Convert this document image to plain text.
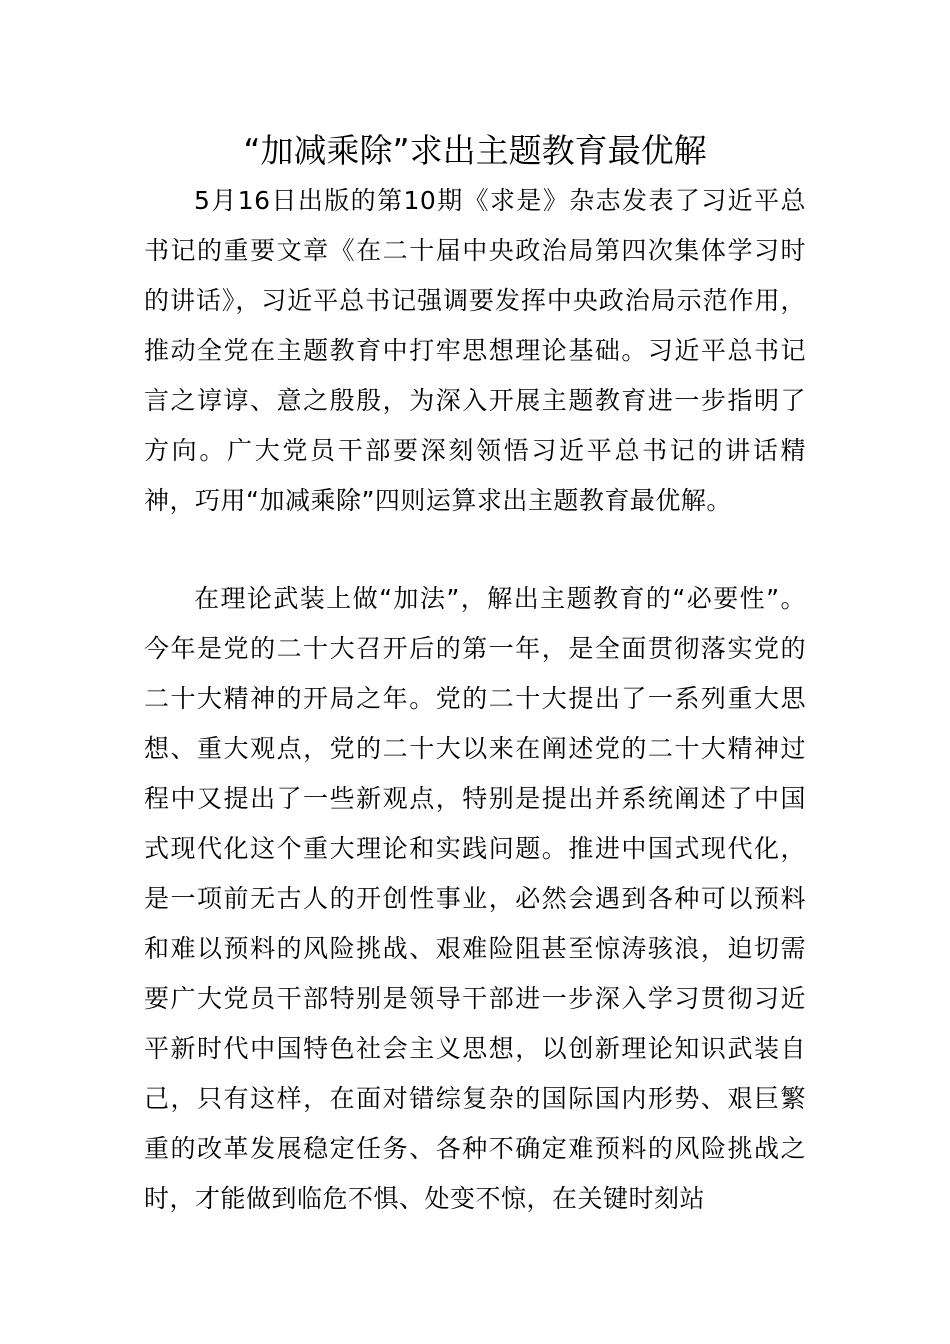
“加减乘除”求出主题教育最优解

5月16日出版的第10期《求是》杂志发表了习近平总书记的重要文章《在二十届中央政治局第四次集体学习时的讲话》，习近平总书记强调要发挥中央政治局示范作用，推动全党在主题教育中打牢思想理论基础。习近平总书记言之谆谆、意之殷殷，为深入开展主题教育进一步指明了方向。广大党员干部要深刻领悟习近平总书记的讲话精神，巧用“加减乘除”四则运算求出主题教育最优解。

在理论武装上做“加法”，解出主题教育的“必要性”。今年是党的二十大召开后的第一年，是全面贯彻落实党的二十大精神的开局之年。党的二十大提出了一系列重大思想、重大观点，党的二十大以来在阐述党的二十大精神过程中又提出了一些新观点，特别是提出并系统阐述了中国式现代化这个重大理论和实践问题。推进中国式现代化，是一项前无古人的开创性事业，必然会遇到各种可以预料和难以预料的风险挑战、艰难险阻甚至惊涛骇浪，迫切需要广大党员干部特别是领导干部进一步深入学习贯彻习近平新时代中国特色社会主义思想，以创新理论知识武装自己，只有这样，在面对错综复杂的国际国内形势、艰巨繁重的改革发展稳定任务、各种不确定难预料的风险挑战之时，才能做到临危不惧、处变不惊，在关键时刻站
